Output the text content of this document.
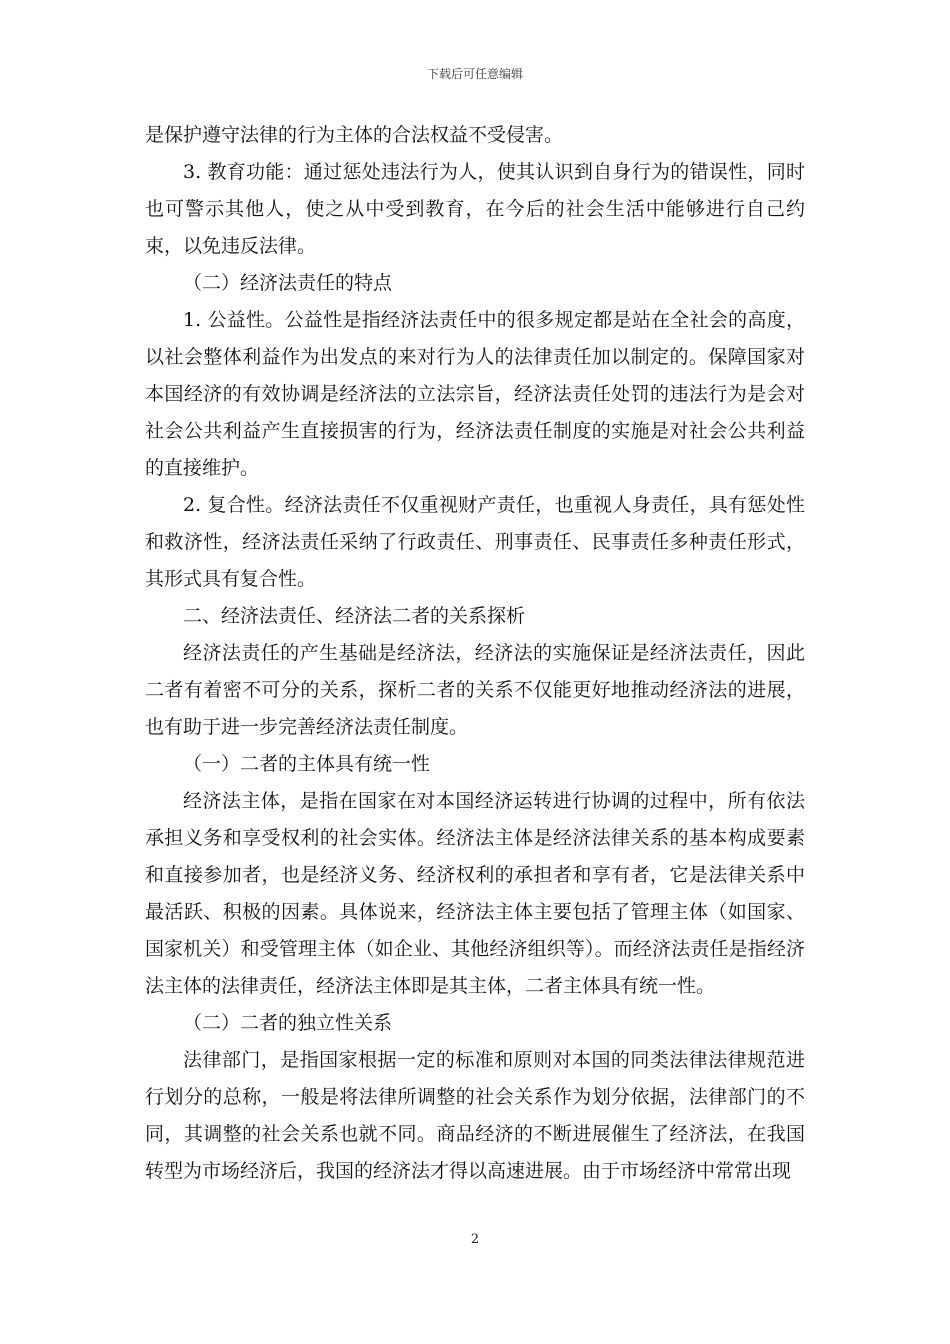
下载后可任意编辑

是保护遵守法律的行为主体的合法权益不受侵害。

3. 教育功能：通过惩处违法行为人，使其认识到自身行为的错误性，同时也可警示其他人，使之从中受到教育，在今后的社会生活中能够进行自己约束，以免违反法律。

（二）经济法责任的特点

1. 公益性。公益性是指经济法责任中的很多规定都是站在全社会的高度，以社会整体利益作为出发点的来对行为人的法律责任加以制定的。保障国家对本国经济的有效协调是经济法的立法宗旨，经济法责任处罚的违法行为是会对社会公共利益产生直接损害的行为，经济法责任制度的实施是对社会公共利益的直接维护。

2. 复合性。经济法责任不仅重视财产责任，也重视人身责任，具有惩处性和救济性，经济法责任采纳了行政责任、刑事责任、民事责任多种责任形式，其形式具有复合性。

二、经济法责任、经济法二者的关系探析

经济法责任的产生基础是经济法，经济法的实施保证是经济法责任，因此二者有着密不可分的关系，探析二者的关系不仅能更好地推动经济法的进展，也有助于进一步完善经济法责任制度。

（一）二者的主体具有统一性

经济法主体，是指在国家在对本国经济运转进行协调的过程中，所有依法承担义务和享受权利的社会实体。经济法主体是经济法律关系的基本构成要素和直接参加者，也是经济义务、经济权利的承担者和享有者，它是法律关系中最活跃、积极的因素。具体说来，经济法主体主要包括了管理主体（如国家、国家机关）和受管理主体（如企业、其他经济组织等）。而经济法责任是指经济法主体的法律责任，经济法主体即是其主体，二者主体具有统一性。

（二）二者的独立性关系

法律部门，是指国家根据一定的标准和原则对本国的同类法律法律规范进行划分的总称，一般是将法律所调整的社会关系作为划分依据，法律部门的不同，其调整的社会关系也就不同。商品经济的不断进展催生了经济法，在我国转型为市场经济后，我国的经济法才得以高速进展。由于市场经济中常常出现

2
